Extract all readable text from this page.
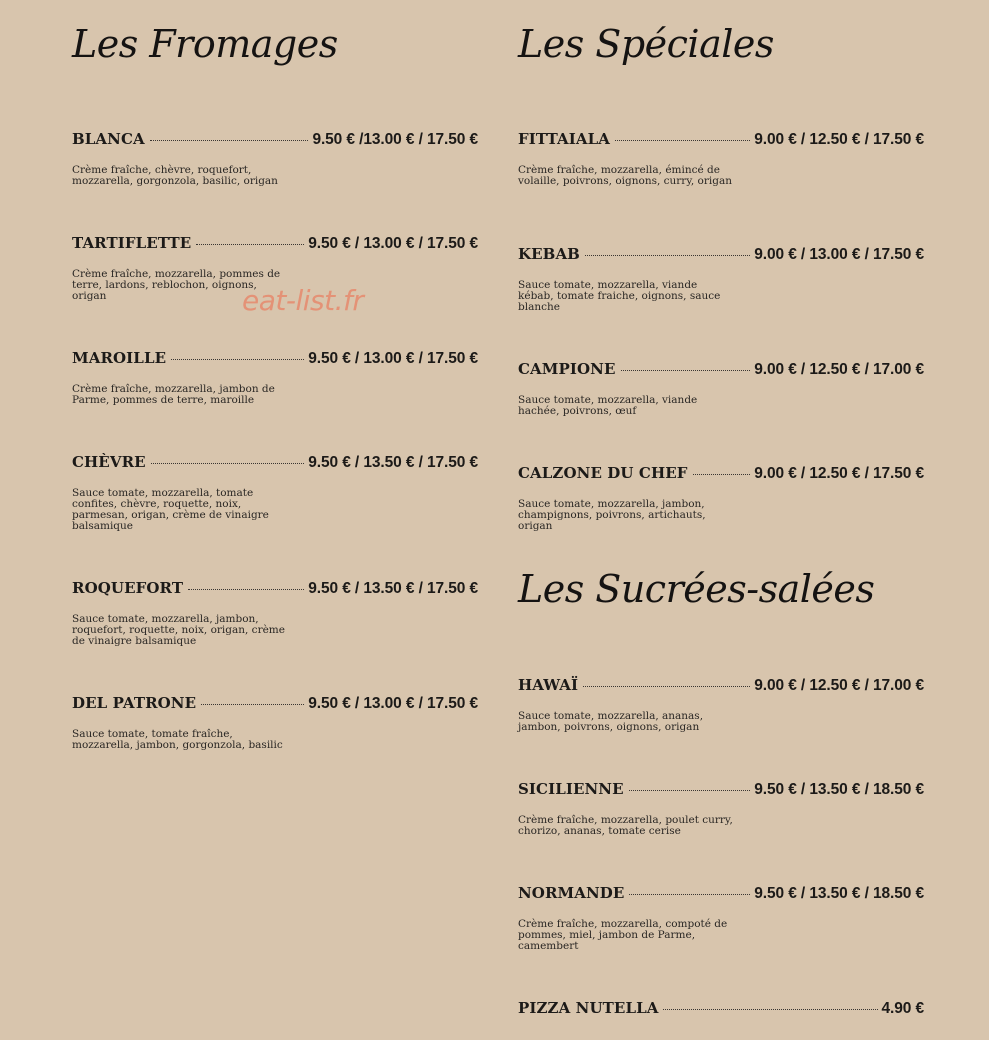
Les Fromages	Les Spéciales
Les Sucrées-salées
eat-list.fr
BLANCA	9.50 € /13.00 € / 17.50 €

Crème fraîche, chèvre, roquefort, mozzarella, gorgonzola, basilic, origan

TARTIFLETTE	9.50 € / 13.00 € / 17.50 €

Crème fraîche, mozzarella, pommes de terre, lardons, reblochon, oignons, origan

MAROILLE	9.50 € / 13.00 € / 17.50 €

Crème fraîche, mozzarella, jambon de Parme, pommes de terre, maroille

CHÈVRE	9.50 € / 13.50 € / 17.50 €

Sauce tomate, mozzarella, tomate confites, chèvre, roquette, noix, parmesan, origan, crème de vinaigre balsamique

ROQUEFORT	9.50 € / 13.50 € / 17.50 €

Sauce tomate, mozzarella, jambon, roquefort, roquette, noix, origan, crème de vinaigre balsamique

DEL PATRONE	9.50 € / 13.00 € / 17.50 €

Sauce tomate, tomate fraîche, mozzarella, jambon, gorgonzola, basilic

FITTAIALA	9.00 € / 12.50 € / 17.50 €

Crème fraîche, mozzarella, émincé de volaille, poivrons, oignons, curry, origan

KEBAB	9.00 € / 13.00 € / 17.50 €

Sauce tomate, mozzarella, viande kébab, tomate fraiche, oignons, sauce blanche

CAMPIONE	9.00 € / 12.50 € / 17.00 €

Sauce tomate, mozzarella, viande hachée, poivrons, œuf

CALZONE DU CHEF	9.00 € / 12.50 € / 17.50 €

Sauce tomate, mozzarella, jambon, champignons, poivrons, artichauts, origan

HAWAÏ	9.00 € / 12.50 € / 17.00 €

Sauce tomate, mozzarella, ananas, jambon, poivrons, oignons, origan

SICILIENNE	9.50 € / 13.50 € / 18.50 €

Crème fraîche, mozzarella, poulet curry, chorizo, ananas, tomate cerise

NORMANDE	9.50 € / 13.50 € / 18.50 €

Crème fraîche, mozzarella, compoté de pommes, miel, jambon de Parme, camembert

PIZZA NUTELLA	4.90 €
